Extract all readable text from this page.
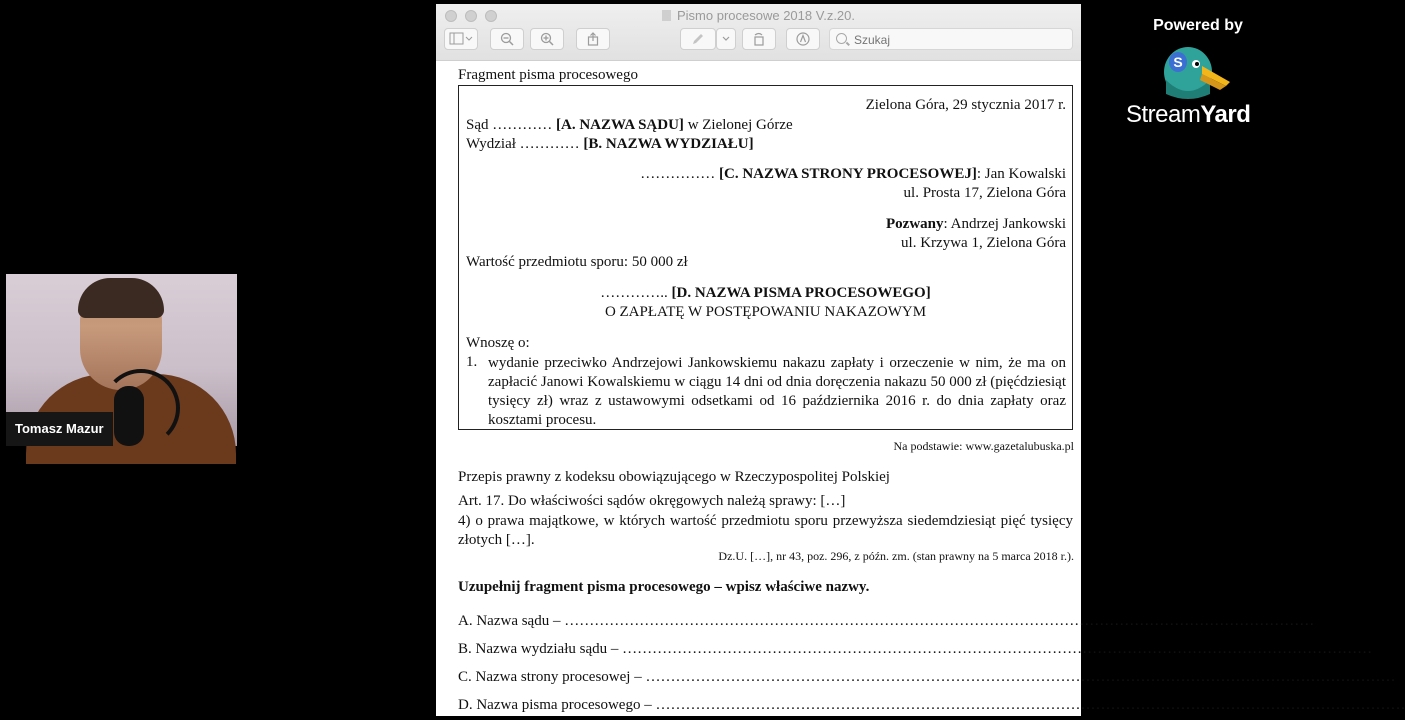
Tomasz Mazur
Powered by
S
StreamYard
Pismo procesowe 2018 V.z.20.
Szukaj
Fragment pisma procesowego
Zielona Góra, 29 stycznia 2017 r.
Sąd ………… [A. NAZWA SĄDU] w Zielonej Górze
Wydział ………… [B. NAZWA WYDZIAŁU]
…………… [C. NAZWA STRONY PROCESOWEJ]: Jan Kowalski
ul. Prosta 17, Zielona Góra
Pozwany: Andrzej Jankowski
ul. Krzywa 1, Zielona Góra
Wartość przedmiotu sporu: 50 000 zł
………….. [D. NAZWA PISMA PROCESOWEGO]
O ZAPŁATĘ W POSTĘPOWANIU NAKAZOWYM
Wnoszę o:
1. wydanie przeciwko Andrzejowi Jankowskiemu nakazu zapłaty i orzeczenie w nim, że ma on zapłacić Janowi Kowalskiemu w ciągu 14 dni od dnia doręczenia nakazu 50 000 zł (pięćdziesiąt tysięcy zł) wraz z ustawowymi odsetkami od 16 października 2016 r. do dnia zapłaty oraz kosztami procesu.
Na podstawie: www.gazetalubuska.pl
Przepis prawny z kodeksu obowiązującego w Rzeczypospolitej Polskiej
Art. 17. Do właściwości sądów okręgowych należą sprawy: […]
4) o prawa majątkowe, w których wartość przedmiotu sporu przewyższa siedemdziesiąt pięć tysięcy złotych […].
Dz.U. […], nr 43, poz. 296, z późn. zm. (stan prawny na 5 marca 2018 r.).
Uzupełnij fragment pisma procesowego – wpisz właściwe nazwy.
A. Nazwa sądu – ……………………………………………………………………………………………………………………………………
B. Nazwa wydziału sądu – ……………………………………………………………………………………………………………………………………
C. Nazwa strony procesowej – ……………………………………………………………………………………………………………………………………
D. Nazwa pisma procesowego – ……………………………………………………………………………………………………………………………………
